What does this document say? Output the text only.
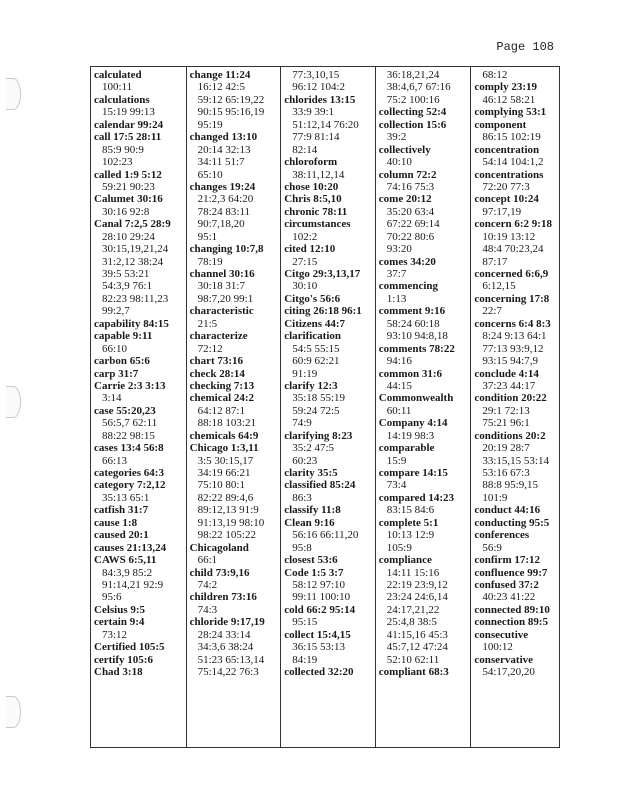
Page 108
calculated
100:11
calculations
15:19 99:13
calendar 99:24
call 17:5 28:11
85:9 90:9
102:23
called 1:9 5:12
59:21 90:23
Calumet 30:16
30:16 92:8
Canal 7:2,5 28:9
28:10 29:24
30:15,19,21,24
31:2,12 38:24
39:5 53:21
54:3,9 76:1
82:23 98:11,23
99:2,7
capability 84:15
capable 9:11
66:10
carbon 65:6
carp 31:7
Carrie 2:3 3:13
3:14
case 55:20,23
56:5,7 62:11
88:22 98:15
cases 13:4 56:8
66:13
categories 64:3
category 7:2,12
35:13 65:1
catfish 31:7
cause 1:8
caused 20:1
causes 21:13,24
CAWS 6:5,11
84:3,9 85:2
91:14,21 92:9
95:6
Celsius 9:5
certain 9:4
73:12
Certified 105:5
certify 105:6
Chad 3:18
change 11:24
16:12 42:5
59:12 65:19,22
90:15 95:16,19
95:19
changed 13:10
20:14 32:13
34:11 51:7
65:10
changes 19:24
21:2,3 64:20
78:24 83:11
90:7,18,20
95:1
changing 10:7,8
78:19
channel 30:16
30:18 31:7
98:7,20 99:1
characteristic
21:5
characterize
72:12
chart 73:16
check 28:14
checking 7:13
chemical 24:2
64:12 87:1
88:18 103:21
chemicals 64:9
Chicago 1:3,11
3:5 30:15,17
34:19 66:21
75:10 80:1
82:22 89:4,6
89:12,13 91:9
91:13,19 98:10
98:22 105:22
Chicagoland
66:1
child 73:9,16
74:2
children 73:16
74:3
chloride 9:17,19
28:24 33:14
34:3,6 38:24
51:23 65:13,14
75:14,22 76:3
77:3,10,15
96:12 104:2
chlorides 13:15
33:9 39:1
51:12,14 76:20
77:9 81:14
82:14
chloroform
38:11,12,14
chose 10:20
Chris 8:5,10
chronic 78:11
circumstances
102:2
cited 12:10
27:15
Citgo 29:3,13,17
30:10
Citgo's 56:6
citing 26:18 96:1
Citizens 44:7
clarification
54:5 55:15
60:9 62:21
91:19
clarify 12:3
35:18 55:19
59:24 72:5
74:9
clarifying 8:23
35:2 47:5
60:23
clarity 35:5
classified 85:24
86:3
classify 11:8
Clean 9:16
56:16 66:11,20
95:8
closest 53:6
Code 1:5 3:7
58:12 97:10
99:11 100:10
cold 66:2 95:14
95:15
collect 15:4,15
36:15 53:13
84:19
collected 32:20
36:18,21,24
38:4,6,7 67:16
75:2 100:16
collecting 52:4
collection 15:6
39:2
collectively
40:10
column 72:2
74:16 75:3
come 20:12
35:20 63:4
67:22 69:14
70:22 80:6
93:20
comes 34:20
37:7
commencing
1:13
comment 9:16
58:24 60:18
93:10 94:8,18
comments 78:22
94:16
common 31:6
44:15
Commonwealth
60:11
Company 4:14
14:19 98:3
comparable
15:9
compare 14:15
73:4
compared 14:23
83:15 84:6
complete 5:1
10:13 12:9
105:9
compliance
14:11 15:16
22:19 23:9,12
23:24 24:6,14
24:17,21,22
25:4,8 38:5
41:15,16 45:3
45:7,12 47:24
52:10 62:11
compliant 68:3
68:12
comply 23:19
46:12 58:21
complying 53:1
component
86:15 102:19
concentration
54:14 104:1,2
concentrations
72:20 77:3
concept 10:24
97:17,19
concern 6:2 9:18
10:19 13:12
48:4 70:23,24
87:17
concerned 6:6,9
6:12,15
concerning 17:8
22:7
concerns 6:4 8:3
8:24 9:13 64:1
77:13 93:9,12
93:15 94:7,9
conclude 4:14
37:23 44:17
condition 20:22
29:1 72:13
75:21 96:1
conditions 20:2
20:19 28:7
33:15,15 53:14
53:16 67:3
88:8 95:9,15
101:9
conduct 44:16
conducting 95:5
conferences
56:9
confirm 17:12
confluence 99:7
confused 37:2
40:23 41:22
connected 89:10
connection 89:5
consecutive
100:12
conservative
54:17,20,20
